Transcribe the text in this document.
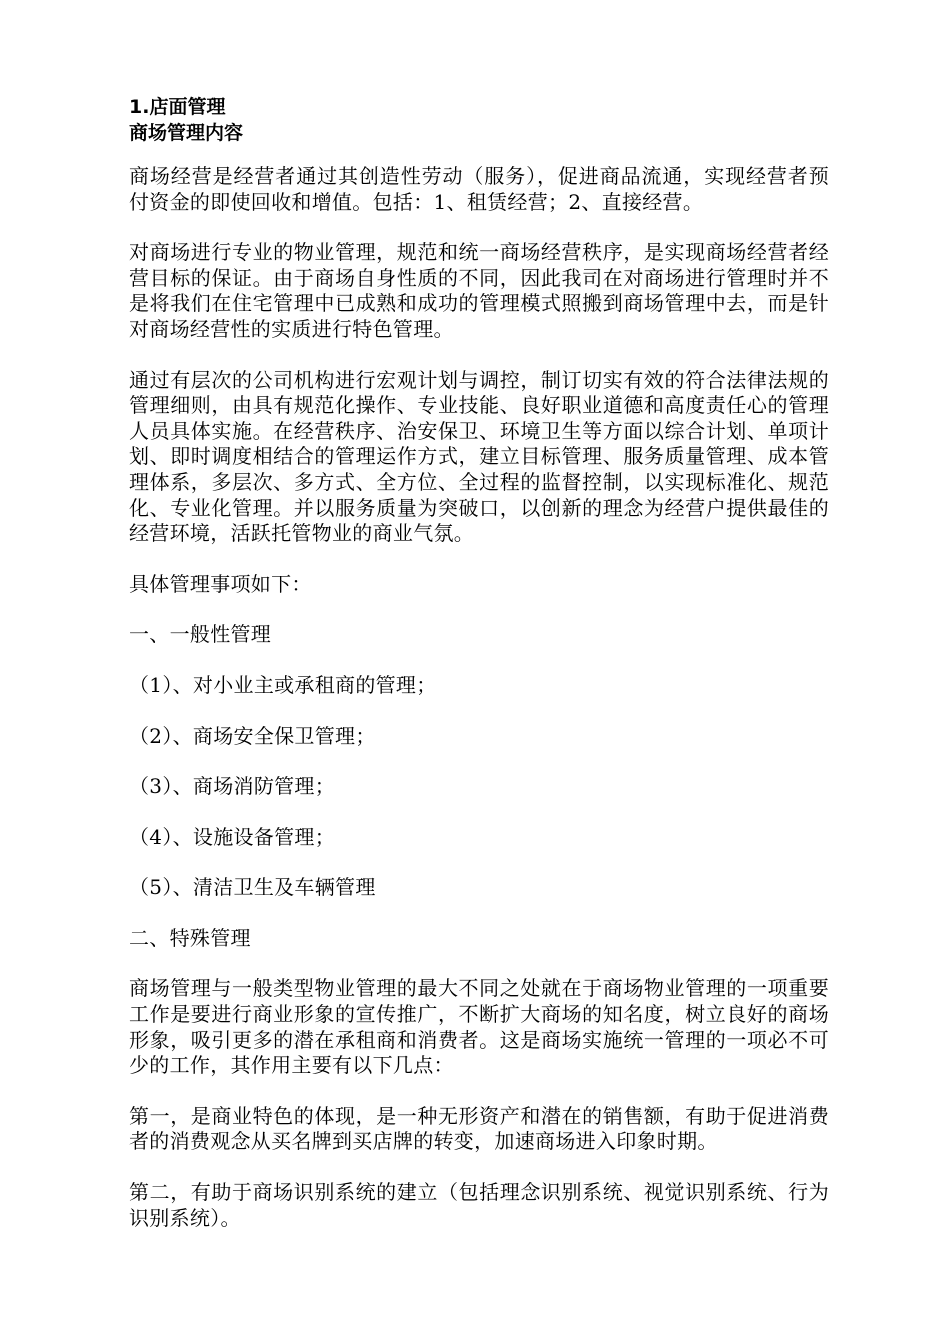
1.店面管理

商场管理内容

商场经营是经营者通过其创造性劳动（服务），促进商品流通，实现经营者预付资金的即使回收和增值。包括：1、租赁经营；2、直接经营。

对商场进行专业的物业管理，规范和统一商场经营秩序，是实现商场经营者经营目标的保证。由于商场自身性质的不同，因此我司在对商场进行管理时并不是将我们在住宅管理中已成熟和成功的管理模式照搬到商场管理中去，而是针对商场经营性的实质进行特色管理。

通过有层次的公司机构进行宏观计划与调控，制订切实有效的符合法律法规的管理细则，由具有规范化操作、专业技能、良好职业道德和高度责任心的管理人员具体实施。在经营秩序、治安保卫、环境卫生等方面以综合计划、单项计划、即时调度相结合的管理运作方式，建立目标管理、服务质量管理、成本管理体系，多层次、多方式、全方位、全过程的监督控制，以实现标准化、规范化、专业化管理。并以服务质量为突破口，以创新的理念为经营户提供最佳的经营环境，活跃托管物业的商业气氛。

具体管理事项如下：

一、一般性管理

（1）、对小业主或承租商的管理；

（2）、商场安全保卫管理；

（3）、商场消防管理；

（4）、设施设备管理；

（5）、清洁卫生及车辆管理

二、特殊管理

商场管理与一般类型物业管理的最大不同之处就在于商场物业管理的一项重要工作是要进行商业形象的宣传推广，不断扩大商场的知名度，树立良好的商场形象，吸引更多的潜在承租商和消费者。这是商场实施统一管理的一项必不可少的工作，其作用主要有以下几点：

第一，是商业特色的体现，是一种无形资产和潜在的销售额，有助于促进消费者的消费观念从买名牌到买店牌的转变，加速商场进入印象时期。

第二，有助于商场识别系统的建立（包括理念识别系统、视觉识别系统、行为识别系统）。
